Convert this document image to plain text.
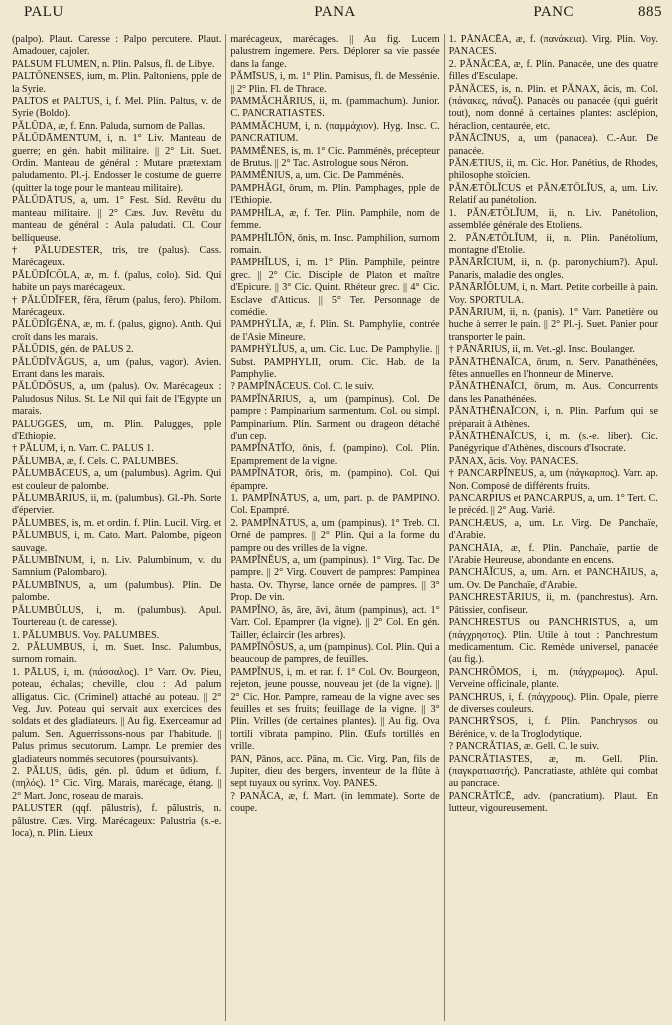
PALU	PANA	PANC	885

(palpo). Plaut. Caresse : Palpo percutere. Plaut. Amadouer, cajoler.

PALSUM FLUMEN, n. Plin. Palsus, fl. de Libye.

PALTŌNENSES, ium, m. Plin. Paltoniens, pple de la Syrie.

PALTOS et PALTUS, i, f. Mel. Plin. Paltus, v. de Syrie (Boldo).

PĂLŪDA, æ, f. Enn. Paluda, surnom de Pallas.

PĂLŪDĀMENTUM, i, n. 1° Liv. Manteau de guerre; en gén. habit militaire. || 2° Lit. Suet. Ordin. Manteau de général : Mutare prætextam paludamento. Pl.-j. Endosser le costume de guerre (quitter la toge pour le manteau militaire).

PĂLŪDĀTUS, a, um. 1° Fest. Sid. Revêtu du manteau militaire. || 2° Cæs. Juv. Revêtu du manteau de général : Aula paludati. Cl. Cour belliqueuse.

† PĂLUDESTER, tris, tre (palus). Cass. Marécageux.

PĂLŪDĬCŎLA, æ, m. f. (palus, colo). Sid. Qui habite un pays marécageux.

† PĂLŪDĬFER, fĕra, fĕrum (palus, fero). Philom. Marécageux.

PĂLŪDĬGĔNA, æ, m. f. (palus, gigno). Anth. Qui croît dans les marais.

PĂLŪDIS, gén. de PALUS 2.

PĂLŪDĬVĂGUS, a, um (palus, vagor). Avien. Errant dans les marais.

PĂLŪDŌSUS, a, um (palus). Ov. Marécageux : Paludosus Nilus. St. Le Nil qui fait de l'Egypte un marais.

PALUGGES, um, m. Plin. Palugges, pple d'Ethiopie.

† PĂLUM, i, n. Varr. C. PALUS 1.

PĂLUMBA, æ, f. Cels. C. PALUMBES.

PĂLUMBĀCEUS, a, um (palumbus). Agrim. Qui est couleur de palombe.

PĂLUMBĀRIUS, ii, m. (palumbus). Gl.-Ph. Sorte d'épervier.

PĂLUMBES, is, m. et ordin. f. Plin. Lucil. Virg. et PĂLUMBUS, i, m. Cato. Mart. Palombe, pigeon sauvage.

PĂLUMBĪNUM, i, n. Liv. Palumbinum, v. du Samnium (Palombaro).

PĂLUMBĪNUS, a, um (palumbus). Plin. De palombe.

PĂLUMBŬLUS, i, m. (palumbus). Apul. Tourtereau (t. de caresse).

1. PĂLUMBUS. Voy. PALUMBES.

2. PĂLUMBUS, i, m. Suet. Insc. Palumbus, surnom romain.

1. PĀLUS, i, m. (πάσσαλος). 1° Varr. Ov. Pieu, poteau, échalas; cheville, clou : Ad palum alligatus. Cic. (Criminel) attaché au poteau. || 2° Veg. Juv. Poteau qui servait aux exercices des soldats et des gladiateurs. || Au fig. Exerceamur ad palum. Sen. Aguerrissons-nous par l'habitude. || Palus primus secutorum. Lampr. Le premier des gladiateurs nommés secutores (poursuivants).

2. PĂLUS, ūdis, gén. pl. ŭdum et ŭdium, f. (πηλός). 1° Cic. Virg. Marais, marécage, étang. || 2° Mart. Jonc, roseau de marais.

PALUSTER (qqf. pălustris), f. pălustris, n. pălustre. Cæs. Virg. Marécageux: Palustria (s.-e. loca), n. Plin. Lieux

marécageux, marécages. || Au fig. Lucem palustrem ingemere. Pers. Déplorer sa vie passée dans la fange.

PĂMĪSUS, i, m. 1° Plin. Pamisus, fl. de Messénie. || 2° Plin. Fl. de Thrace.

PAMMĂCHĂRIUS, ii, m. (pammachum). Junior. C. PANCRATIASTES.

PAMMĂCHUM, i, n. (παμμάχιον). Hyg. Insc. C. PANCRATIUM.

PAMMĔNES, is, m. 1° Cic. Pamménès, précepteur de Brutus. || 2° Tac. Astrologue sous Néron.

PAMMĔNIUS, a, um. Cic. De Pamménès.

PAMPHĂGI, ōrum, m. Plin. Pamphages, pple de l'Ethiopie.

PAMPHĬLA, æ, f. Ter. Plin. Pamphile, nom de femme.

PAMPHĬLĪŌN, ōnis, m. Insc. Pamphilion, surnom romain.

PAMPHĬLUS, i, m. 1° Plin. Pamphile, peintre grec. || 2° Cic. Disciple de Platon et maître d'Epicure. || 3° Cic. Quint. Rhéteur grec. || 4° Cic. Esclave d'Atticus. || 5° Ter. Personnage de comédie.

PAMPHŸLĬA, æ, f. Plin. St. Pamphylie, contrée de l'Asie Mineure.

PAMPHŸLĬUS, a, um. Cic. Luc. De Pamphylie. || Subst. PAMPHYLII, orum. Cic. Hab. de la Pamphylie.

? PAMPĬNĀCEUS. Col. C. le suiv.

PAMPĬNĀRIUS, a, um (pampinus). Col. De pampre : Pampinarium sarmentum. Col. ou simpl. Pampinarium. Plin. Sarment ou drageon détaché d'un cep.

PAMPĬNĀTĬO, ōnis, f. (pampino). Col. Plin. Epamprement de la vigne.

PAMPĬNĀTOR, ōris, m. (pampino). Col. Qui épampre.

1. PAMPĬNĀTUS, a, um, part. p. de PAMPINO. Col. Epampré.

2. PAMPĬNĀTUS, a, um (pampinus). 1° Treb. Cl. Orné de pampres. || 2° Plin. Qui a la forme du pampre ou des vrilles de la vigne.

PAMPĬNĔUS, a, um (pampinus). 1° Virg. Tac. De pampre. || 2° Virg. Couvert de pampres: Pampinea hasta. Ov. Thyrse, lance ornée de pampres. || 3° Prop. De vin.

PAMPĬNO, ās, āre, āvi, ātum (pampinus), act. 1° Varr. Col. Epamprer (la vigne). || 2° Col. En gén. Tailler, éclaircir (les arbres).

PAMPĬNŌSUS, a, um (pampinus). Col. Plin. Qui a beaucoup de pampres, de feuilles.

PAMPĬNUS, i, m. et rar. f. 1° Col. Ov. Bourgeon, rejeton, jeune pousse, nouveau jet (de la vigne). || 2° Cic. Hor. Pampre, rameau de la vigne avec ses feuilles et ses fruits; feuillage de la vigne. || 3° Plin. Vrilles (de certaines plantes). || Au fig. Ova tortili vibrata pampino. Plin. Œufs tortillés en vrille.

PAN, Pānos, acc. Pāna, m. Cic. Virg. Pan, fils de Jupiter, dieu des bergers, inventeur de la flûte à sept tuyaux ou syrinx. Voy. PANES.

? PANĂCA, æ, f. Mart. (in lemmate). Sorte de coupe.

1. PĂNĂCĒA, æ, f. (πανάκεια). Virg. Plin. Voy. PANACES.

2. PĂNĂCĒA, æ, f. Plin. Panacée, une des quatre filles d'Esculape.

PĂNĂCES, is, n. Plin. et PĂNAX, ăcis, m. Col. (πάνακες, πάναξ). Panacès ou panacée (qui guérit tout), nom donné à certaines plantes: asclépion, héraclion, centaurée, etc.

PĂNĀCĪNUS, a, um (panacea). C.-Aur. De panacée.

PĂNÆTIUS, ii, m. Cic. Hor. Panétius, de Rhodes, philosophe stoïcien.

PĂNÆTŌLĬCUS et PĂNÆTŌLĬUS, a, um. Liv. Relatif au panétolion.

1. PĂNÆTŌLĬUM, ii, n. Liv. Panétolion, assemblée générale des Etoliens.

2. PĂNÆTŌLĬUM, ii, n. Plin. Panétolium, montagne d'Etolie.

PĂNĀRĬCIUM, ii, n. (p. paronychium?). Apul. Panaris, maladie des ongles.

PĀNĀRĬŎLUM, i, n. Mart. Petite corbeille à pain. Voy. SPORTULA.

PĀNĀRIUM, ii, n. (panis). 1° Varr. Panetière ou huche à serrer le pain. || 2° Pl.-j. Suet. Panier pour transporter le pain.

† PĀNĀRIUS, ii, m. Vet.-gl. Insc. Boulanger.

PĂNĀTHĒNAĬCA, ōrum, n. Serv. Panathénées, fêtes annuelles en l'honneur de Minerve.

PĂNĀTHĒNAĬCI, ōrum, m. Aus. Concurrents dans les Panathénées.

PĂNĀTHĒNAĬCON, i, n. Plin. Parfum qui se préparait à Athènes.

PĂNĀTHĒNAĬCUS, i, m. (s.-e. liber). Cic. Panégyrique d'Athènes, discours d'Isocrate.

PĀNAX, ăcis. Voy. PANACES.

† PANCARPĬNEUS, a, um (πάγκαρπος). Varr. ap. Non. Composé de différents fruits.

PANCARPIUS et PANCARPUS, a, um. 1° Tert. C. le précéd. || 2° Aug. Varié.

PANCHÆUS, a, um. Lr. Virg. De Panchaïe, d'Arabie.

PANCHĀIA, æ, f. Plin. Panchaïe, partie de l'Arabie Heureuse, abondante en encens.

PANCHĀĬCUS, a, um. Arn. et PANCHĀIUS, a, um. Ov. De Panchaïe, d'Arabie.

PANCHRESTĀRIUS, ii, m. (panchrestus). Arn. Pâtissier, confiseur.

PANCHRESTUS ou PANCHRISTUS, a, um (πάγχρηστος). Plin. Utile à tout : Panchrestum medicamentum. Cic. Remède universel, panacée (au fig.).

PANCHRŌMOS, i, m. (πάγχρωμος). Apul. Verveine officinale, plante.

PANCHRUS, i, f. (πάγχρους). Plin. Opale, pierre de diverses couleurs.

PANCHRȲSOS, i, f. Plin. Panchrysos ou Bérénice, v. de la Troglodytique.

? PANCRĂTIAS, æ. Gell. C. le suiv.

PANCRĂTIASTES, æ, m. Gell. Plin. (παγκρατιαστής). Pancratiaste, athlète qui combat au pancrace.

PANCRĂTĬCĒ, adv. (pancratium). Plaut. En lutteur, vigoureusement.
